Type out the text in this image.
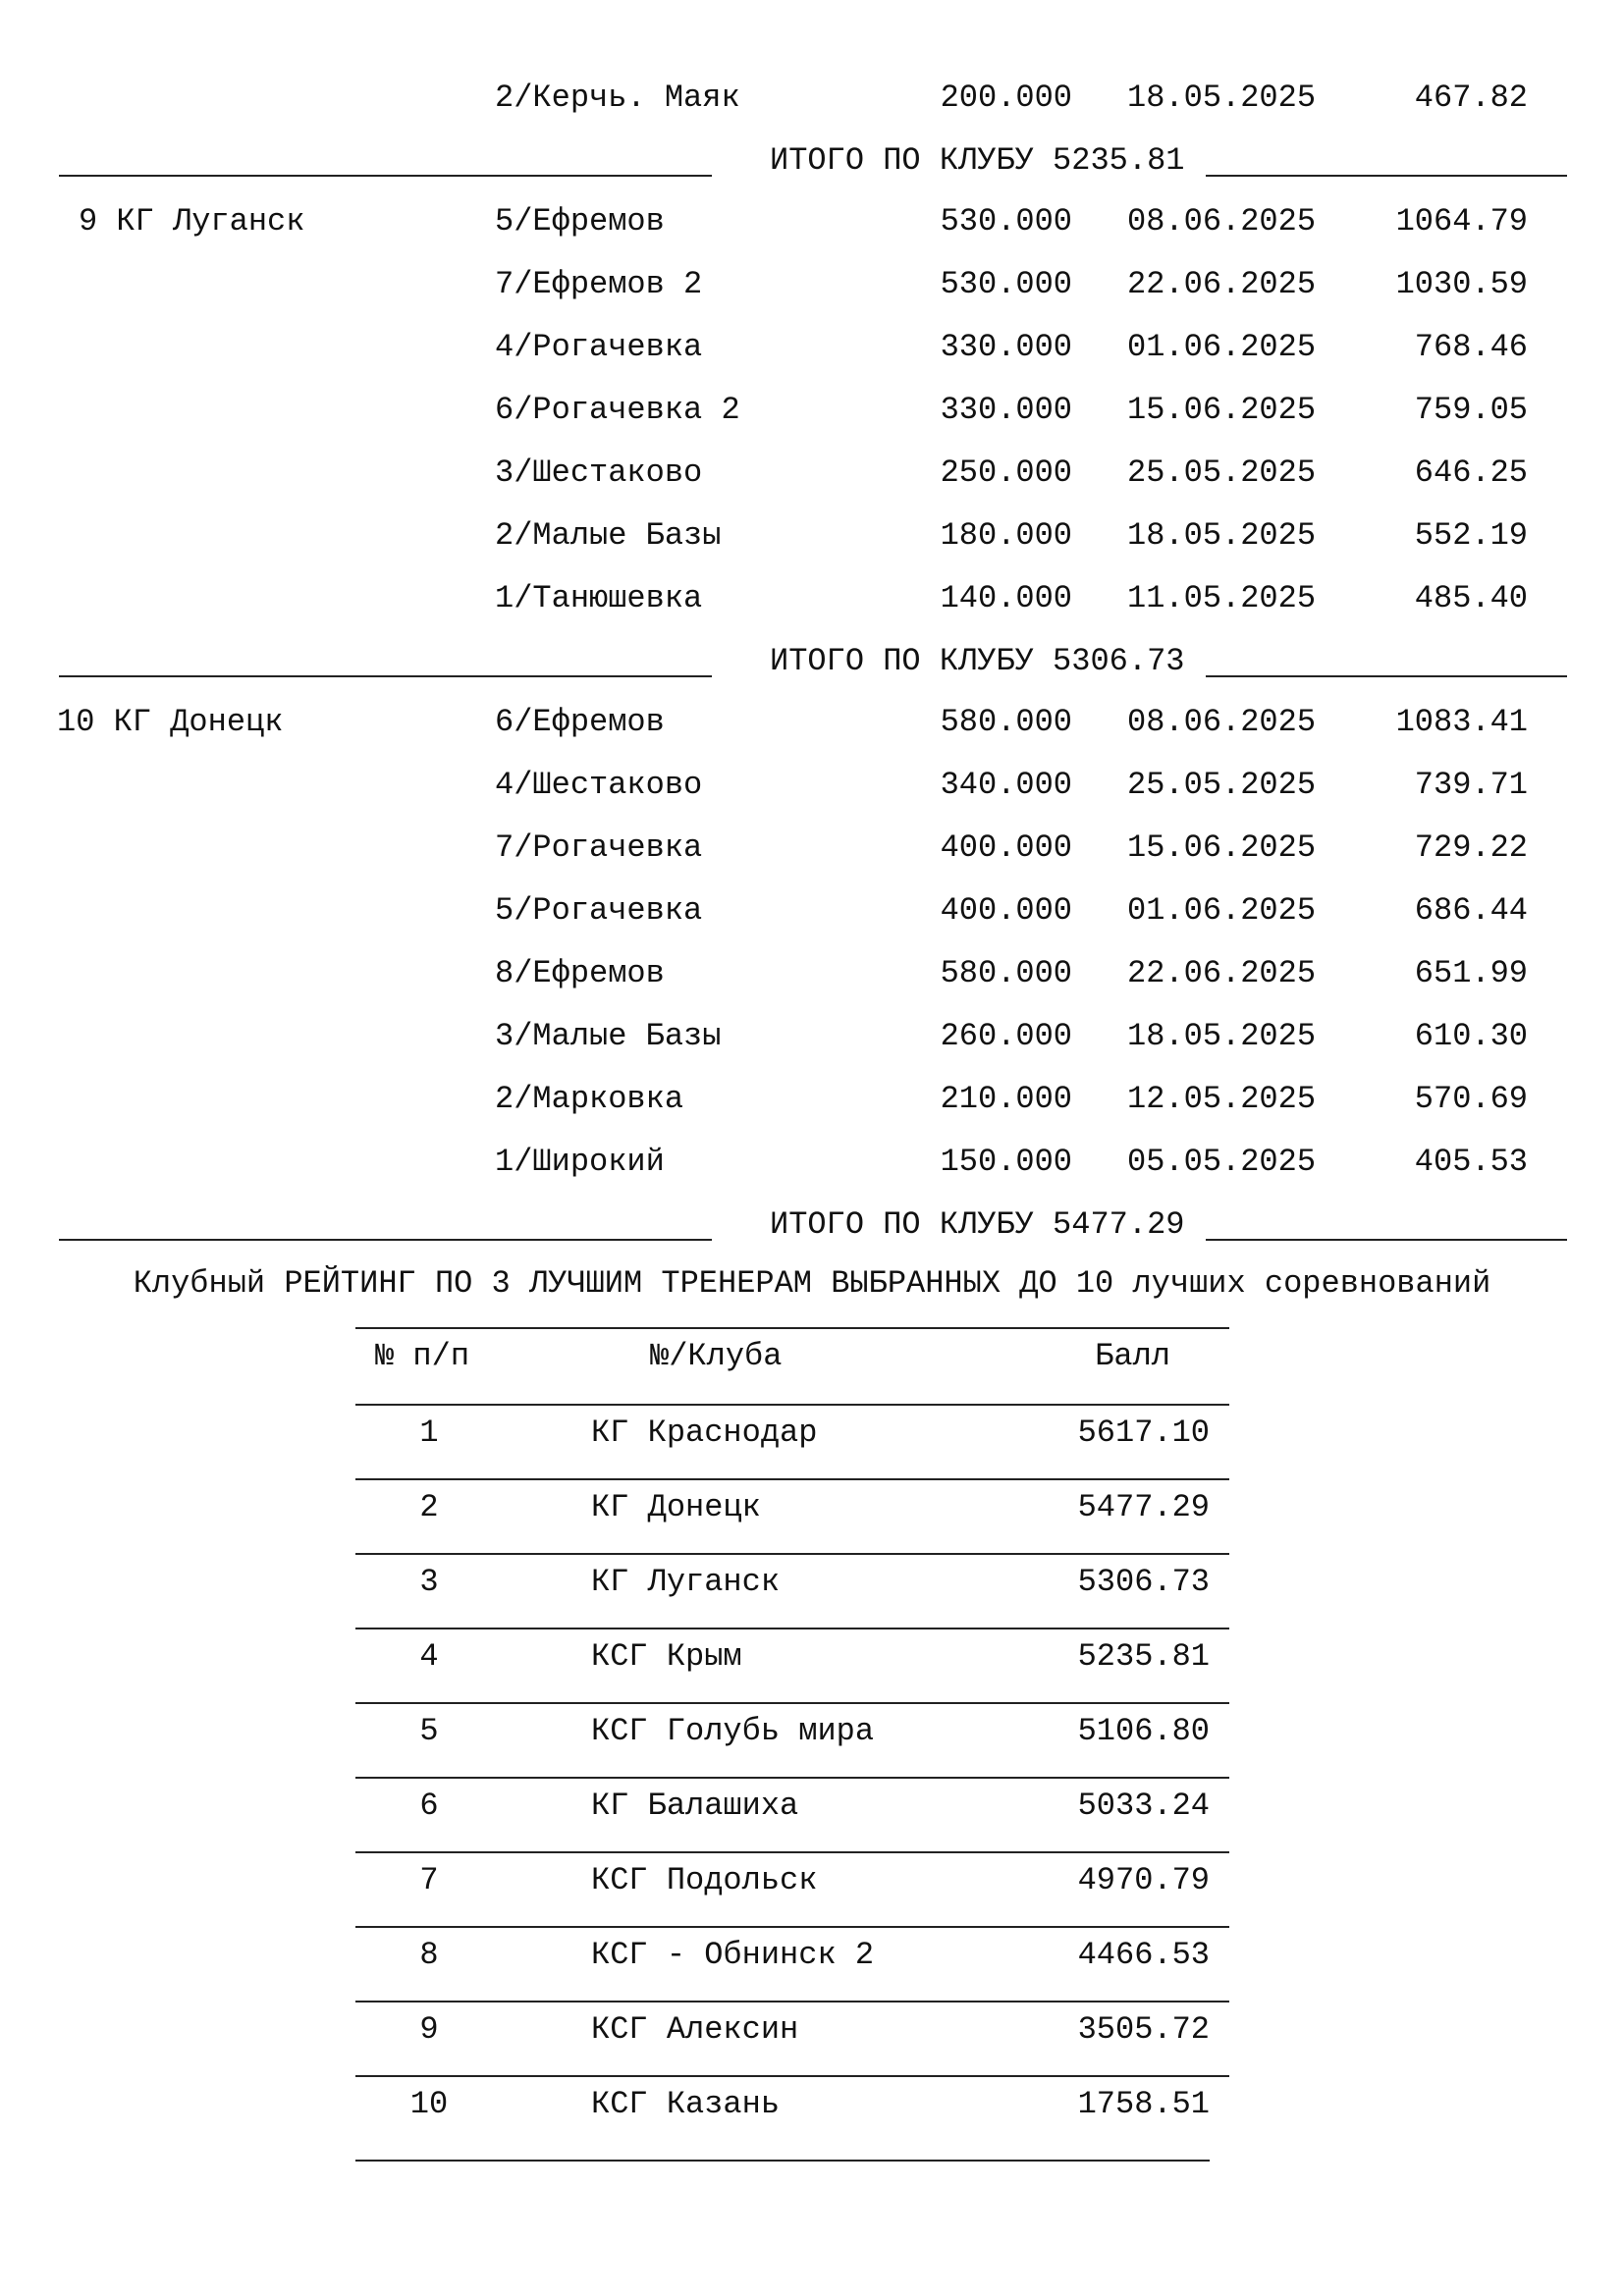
2/Керчь. Маяк	200.000 18.05.2025	467.82
ИТОГО ПО КЛУБУ 5235.81
9 КГ Луганск	5/Ефремов	530.000 08.06.2025	1064.79
7/Ефремов 2	530.000 22.06.2025	1030.59
4/Рогачевка	330.000 01.06.2025	768.46
6/Рогачевка 2	330.000 15.06.2025	759.05
3/Шестаково	250.000 25.05.2025	646.25
2/Малые Базы	180.000 18.05.2025	552.19
1/Танюшевка	140.000 11.05.2025	485.40
ИТОГО ПО КЛУБУ 5306.73
10 КГ Донецк	6/Ефремов	580.000 08.06.2025	1083.41
4/Шестаково	340.000 25.05.2025	739.71
7/Рогачевка	400.000 15.06.2025	729.22
5/Рогачевка	400.000 01.06.2025	686.44
8/Ефремов	580.000 22.06.2025	651.99
3/Малые Базы	260.000 18.05.2025	610.30
2/Марковка	210.000 12.05.2025	570.69
1/Широкий	150.000 05.05.2025	405.53
ИТОГО ПО КЛУБУ 5477.29
Клубный РЕЙТИНГ ПО 3 ЛУЧШИМ ТРЕНЕРАМ ВЫБРАННЫХ ДО 10 лучших соревнований
№ п/п	№/Клуба	Балл
1	КГ Краснодар	5617.10
2	КГ Донецк	5477.29
3	КГ Луганск	5306.73
4	КСГ Крым	5235.81
5	КСГ Голубь мира	5106.80
6	КГ Балашиха	5033.24
7	КСГ Подольск	4970.79
8	КСГ - Обнинск 2	4466.53
9	КСГ Алексин	3505.72
10	КСГ Казань	1758.51
